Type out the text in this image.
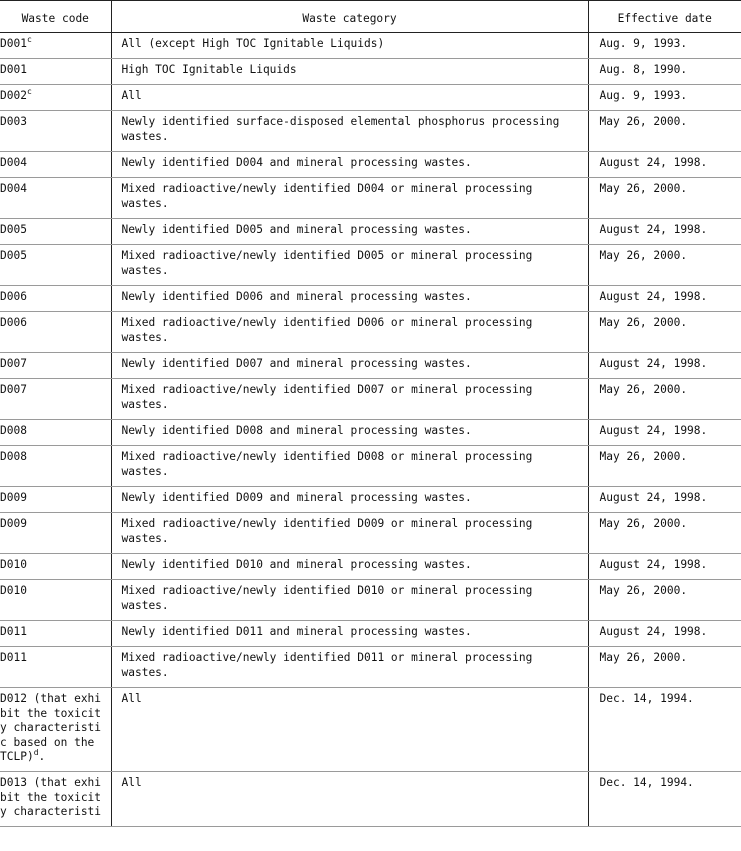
Waste code	Waste category	Effective date
D001$^c$	All (except High TOC Ignitable Liquids)	Aug. 9, 1993.
D001	High TOC Ignitable Liquids	Aug. 8, 1990.
D002$^c$	All	Aug. 9, 1993.
D003	Newly identified surface-disposed elemental phosphorus processing wastes.	May 26, 2000.
D004	Newly identified D004 and mineral processing wastes.	August 24, 1998.
D004	Mixed radioactive/newly identified D004 or mineral processing wastes.	May 26, 2000.
D005	Newly identified D005 and mineral processing wastes.	August 24, 1998.
D005	Mixed radioactive/newly identified D005 or mineral processing wastes.	May 26, 2000.
D006	Newly identified D006 and mineral processing wastes.	August 24, 1998.
D006	Mixed radioactive/newly identified D006 or mineral processing wastes.	May 26, 2000.
D007	Newly identified D007 and mineral processing wastes.	August 24, 1998.
D007	Mixed radioactive/newly identified D007 or mineral processing wastes.	May 26, 2000.
D008	Newly identified D008 and mineral processing wastes.	August 24, 1998.
D008	Mixed radioactive/newly identified D008 or mineral processing wastes.	May 26, 2000.
D009	Newly identified D009 and mineral processing wastes.	August 24, 1998.
D009	Mixed radioactive/newly identified D009 or mineral processing wastes.	May 26, 2000.
D010	Newly identified D010 and mineral processing wastes.	August 24, 1998.
D010	Mixed radioactive/newly identified D010 or mineral processing wastes.	May 26, 2000.
D011	Newly identified D011 and mineral processing wastes.	August 24, 1998.
D011	Mixed radioactive/newly identified D011 or mineral processing wastes.	May 26, 2000.
D012 (that exhibit the toxicity characteristic based on the TCLP)$^d$.	All	Dec. 14, 1994.
D013 (that exhibit the toxicity characteristi	All	Dec. 14, 1994.
